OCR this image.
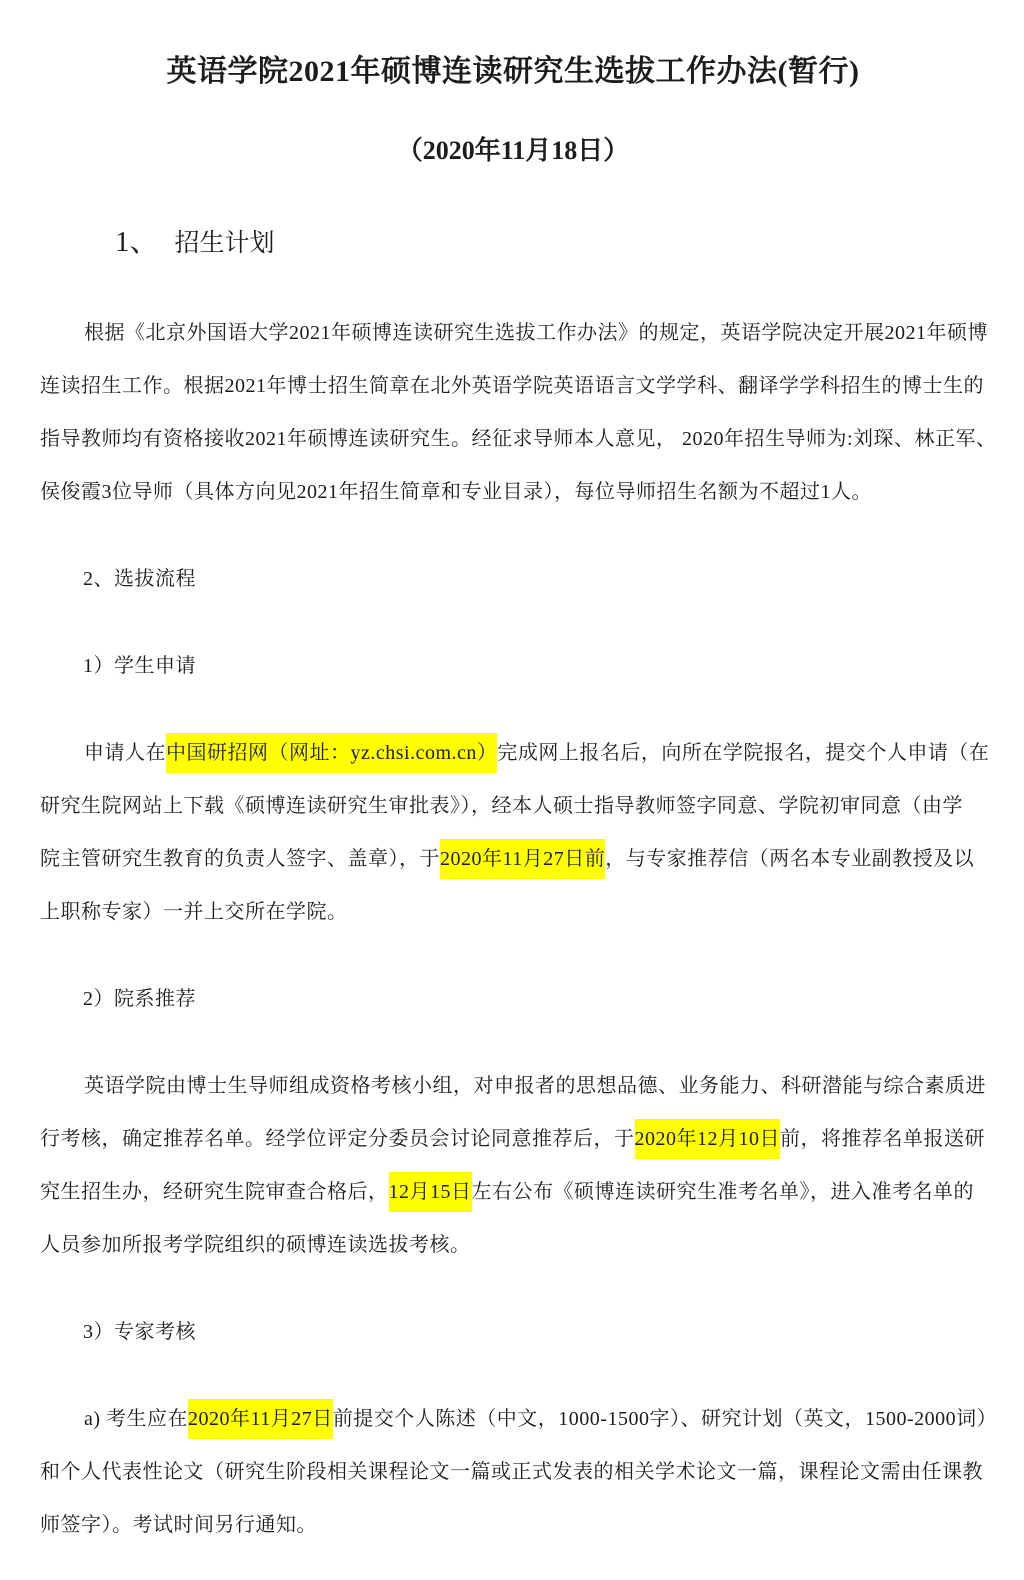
英语学院2021年硕博连读研究生选拔工作办法(暂行)
（2020年11月18日）
1、 招生计划
根据《北京外国语大学2021年硕博连读研究生选拔工作办法》的规定，英语学院决定开展2021年硕博
连读招生工作。根据2021年博士招生简章在北外英语学院英语语言文学学科、翻译学学科招生的博士生的
指导教师均有资格接收2021年硕博连读研究生。经征求导师本人意见， 2020年招生导师为:刘琛、林正军、
侯俊霞3位导师（具体方向见2021年招生简章和专业目录），每位导师招生名额为不超过1人。
2、选拔流程
1）学生申请
申请人在中国研招网（网址：yz.chsi.com.cn）完成网上报名后，向所在学院报名，提交个人申请（在
研究生院网站上下载《硕博连读研究生审批表》），经本人硕士指导教师签字同意、学院初审同意（由学
院主管研究生教育的负责人签字、盖章），于2020年11月27日前，与专家推荐信（两名本专业副教授及以
上职称专家）一并上交所在学院。
2）院系推荐
英语学院由博士生导师组成资格考核小组，对申报者的思想品德、业务能力、科研潜能与综合素质进
行考核，确定推荐名单。经学位评定分委员会讨论同意推荐后，于2020年12月10日前，将推荐名单报送研
究生招生办，经研究生院审查合格后，12月15日左右公布《硕博连读研究生准考名单》，进入准考名单的
人员参加所报考学院组织的硕博连读选拔考核。
3）专家考核
a) 考生应在2020年11月27日前提交个人陈述（中文，1000-1500字）、研究计划（英文，1500-2000词）
和个人代表性论文（研究生阶段相关课程论文一篇或正式发表的相关学术论文一篇，课程论文需由任课教
师签字）。考试时间另行通知。
